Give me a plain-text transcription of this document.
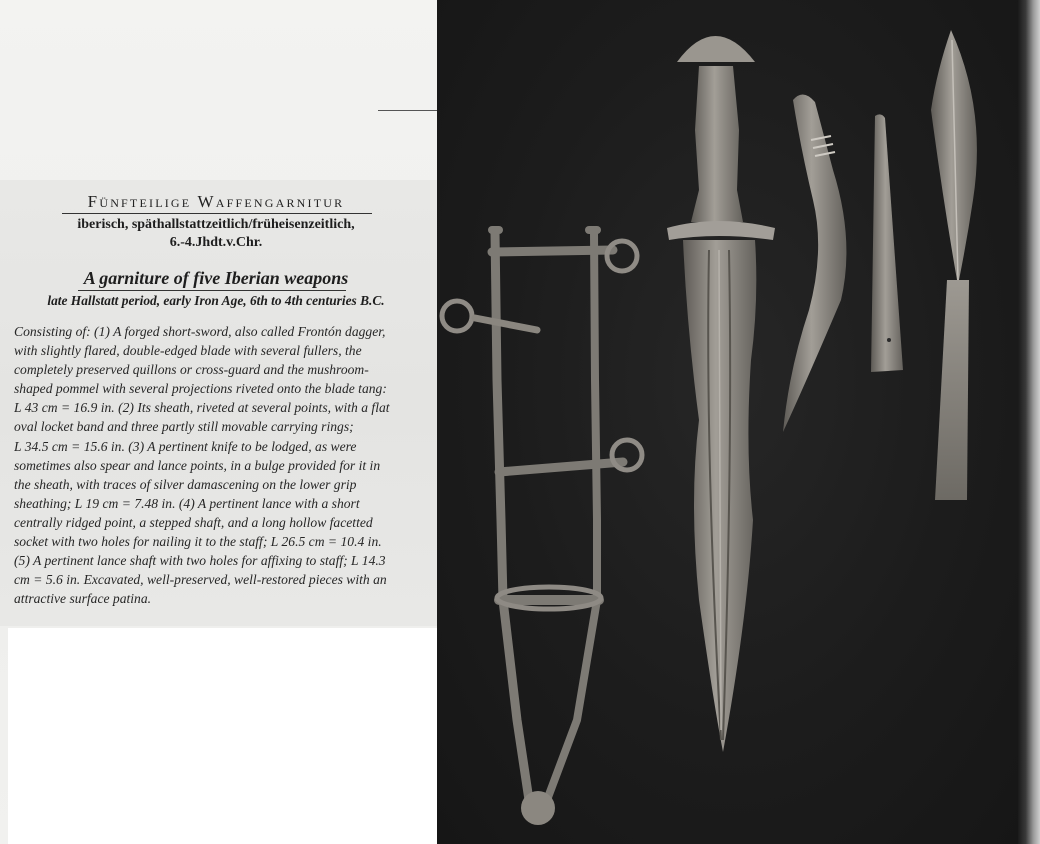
Fünfteilige Waffengarnitur
iberisch, späthallstattzeitlich/frühеisenzeitlich,
6.-4.Jhdt.v.Chr.
A garniture of five Iberian weapons
late Hallstatt period, early Iron Age, 6th to 4th centuries B.C.
Consisting of: (1) A forged short-sword, also called Frontón dagger,
with slightly flared, double-edged blade with several fullers, the
completely preserved quillons or cross-guard and the mushroom-
shaped pommel with several projections riveted onto the blade tang:
L 43 cm = 16.9 in. (2) Its sheath, riveted at several points, with a flat
oval locket band and three partly still movable carrying rings;
L 34.5 cm = 15.6 in. (3) A pertinent knife to be lodged, as were
sometimes also spear and lance points, in a bulge provided for it in
the sheath, with traces of silver damascening on the lower grip
sheathing; L 19 cm = 7.48 in. (4) A pertinent lance with a short
centrally ridged point, a stepped shaft, and a long hollow facetted
socket with two holes for nailing it to the staff; L 26.5 cm = 10.4 in.
(5) A pertinent lance shaft with two holes for affixing to staff; L 14.3
cm = 5.6 in. Excavated, well-preserved, well-restored pieces with an
attractive surface patina.
